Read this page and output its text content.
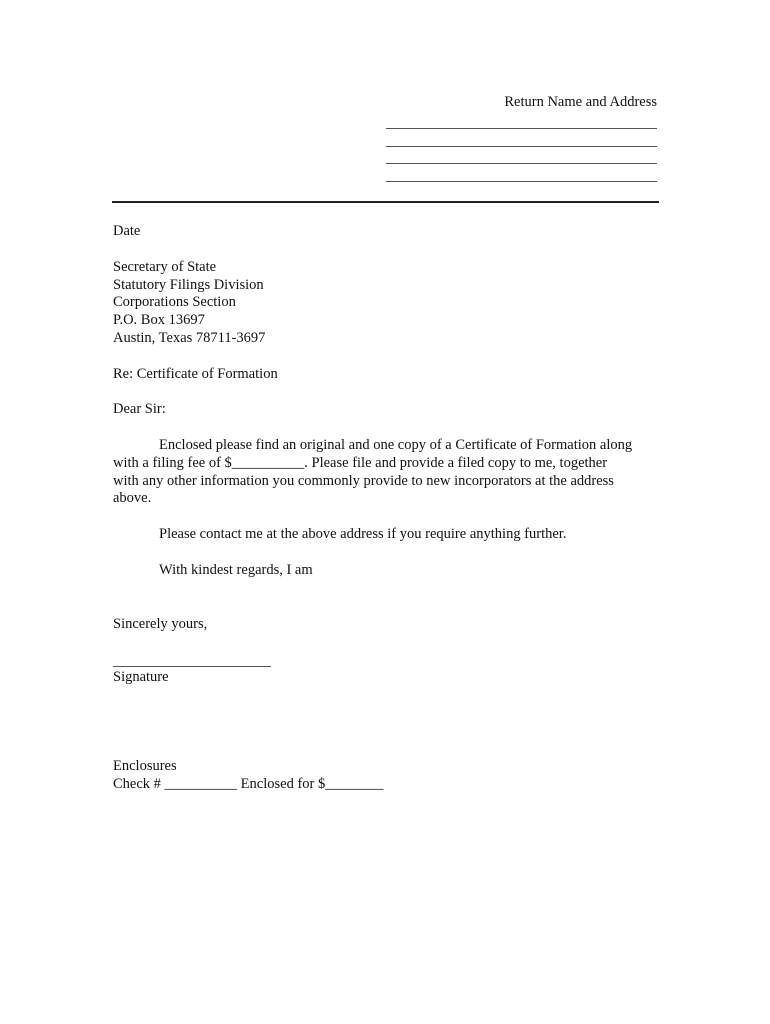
Return Name and Address
Date
Secretary of State
Statutory Filings Division
Corporations Section
P.O. Box 13697
Austin, Texas 78711-3697
Re: Certificate of Formation
Dear Sir:
Enclosed please find an original and one copy of a Certificate of Formation along
with a filing fee of $__________. Please file and provide a filed copy to me, together
with any other information you commonly provide to new incorporators at the address
above.
Please contact me at the above address if you require anything further.
With kindest regards, I am
Sincerely yours,
Signature
Enclosures
Check # __________ Enclosed for $________
